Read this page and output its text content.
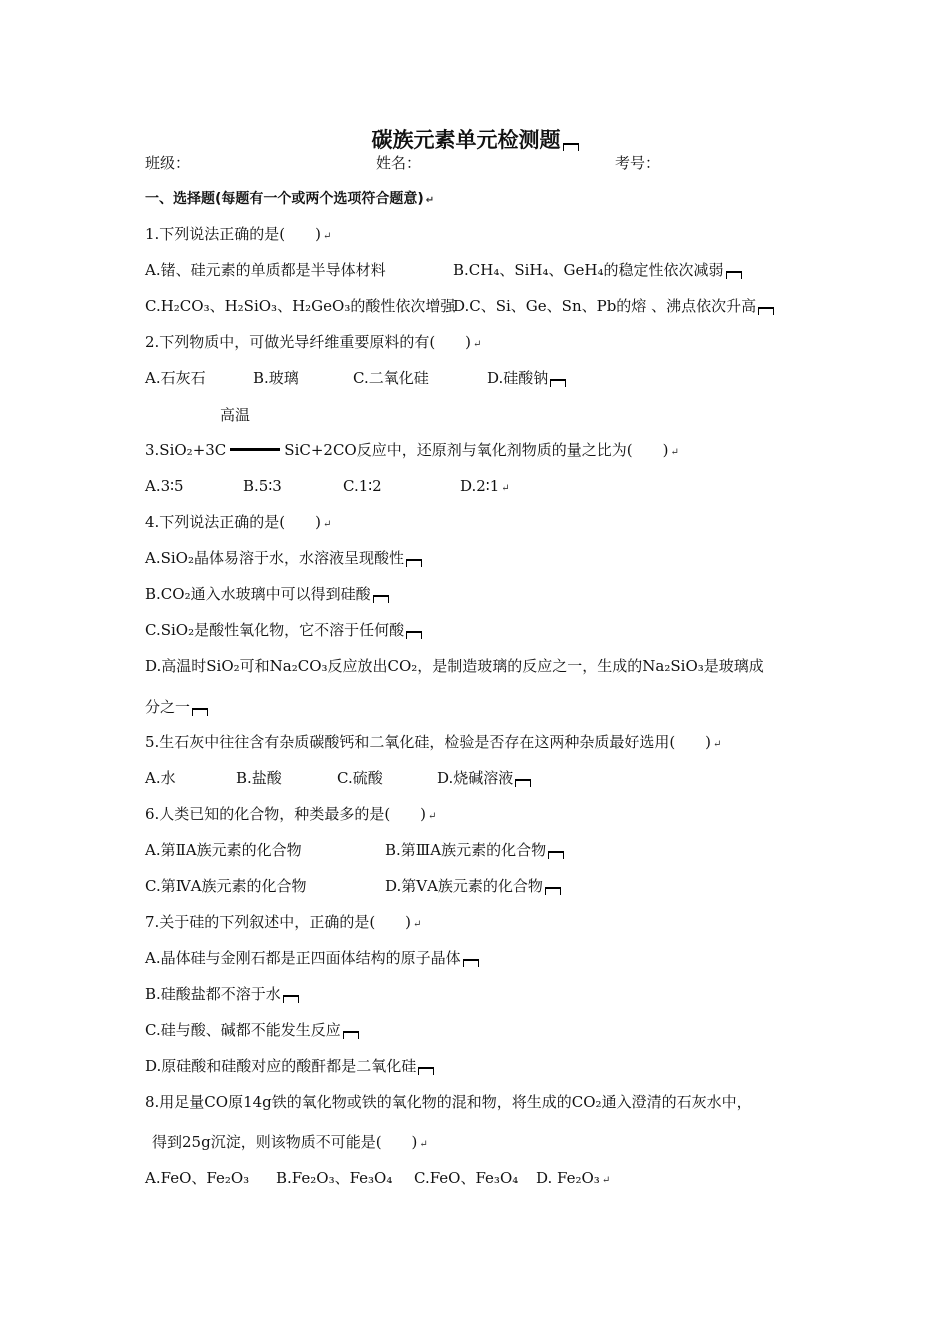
碳族元素单元检测题
班级：	姓名：	考号：
一、选择题(每题有一个或两个选项符合题意) ↵
1.下列说法正确的是(　　) ↵
A.锗、硅元素的单质都是半导体材料	B.CH₄、SiH₄、GeH₄的稳定性依次减弱
C.H₂CO₃、H₂SiO₃、H₂GeO₃的酸性依次增强D.C、Si、Ge、Sn、Pb的熔 、沸点依次升高
2.下列物质中，可做光导纤维重要原料的有(　　) ↵
A.石灰石	B.玻璃	C.二氧化硅	D.硅酸钠
高温
3.SiO₂+3C	SiC+2CO反应中，还原剂与氧化剂物质的量之比为(　　) ↵
A.3∶5	B.5∶3	C.1∶2	D.2∶1 ↵
4.下列说法正确的是(　　) ↵
A.SiO₂晶体易溶于水，水溶液呈现酸性
B.CO₂通入水玻璃中可以得到硅酸
C.SiO₂是酸性氧化物，它不溶于任何酸
D.高温时SiO₂可和Na₂CO₃反应放出CO₂，是制造玻璃的反应之一，生成的Na₂SiO₃是玻璃成
分之一
5.生石灰中往往含有杂质碳酸钙和二氧化硅，检验是否存在这两种杂质最好选用(　　) ↵
A.水	B.盐酸	C.硫酸	D.烧碱溶液
6.人类已知的化合物，种类最多的是(　　) ↵
A.第ⅡA族元素的化合物	B.第ⅢA族元素的化合物
C.第ⅣA族元素的化合物	D.第ⅤA族元素的化合物
7.关于硅的下列叙述中，正确的是(　　) ↵
A.晶体硅与金刚石都是正四面体结构的原子晶体
B.硅酸盐都不溶于水
C.硅与酸、碱都不能发生反应
D.原硅酸和硅酸对应的酸酐都是二氧化硅
8.用足量CO原14g铁的氧化物或铁的氧化物的混和物，将生成的CO₂通入澄清的石灰水中，
得到25g沉淀，则该物质不可能是(　　) ↵
A.FeO、Fe₂O₃ B.Fe₂O₃、Fe₃O₄ C.FeO、Fe₃O₄ D. Fe₂O₃ ↵
